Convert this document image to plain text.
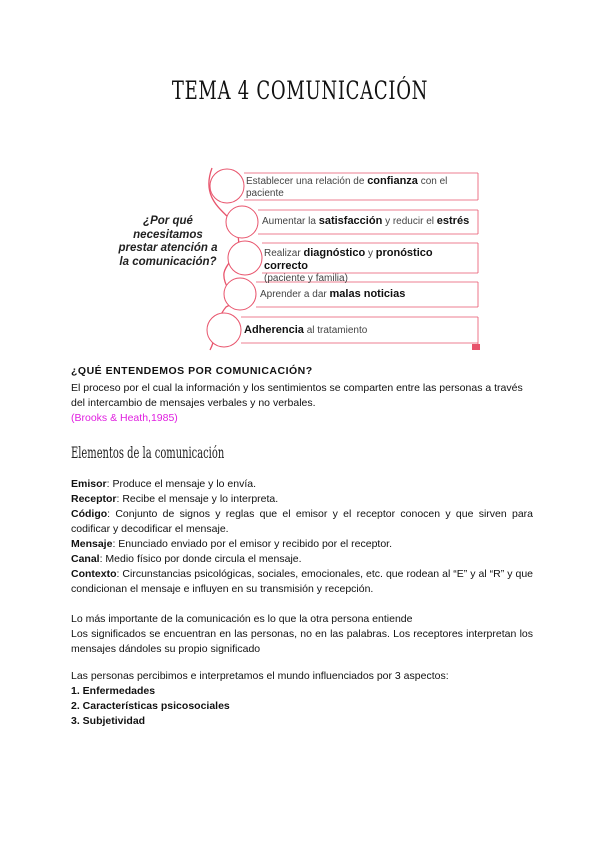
TEMA 4 COMUNICACIÓN
Establecer una relación de confianza con el paciente
Aumentar la satisfacción y reducir el estrés
Realizar diagnóstico y pronóstico correcto
(paciente y familia)
Aprender a dar malas noticias
Adherencia al tratamiento
¿Por qué necesitamos prestar atención a la comunicación?
¿QUÉ ENTENDEMOS POR COMUNICACIÓN?
El proceso por el cual la información y los sentimientos se comparten entre las personas a través del intercambio de mensajes verbales y no verbales.
(Brooks & Heath,1985)
Elementos de la comunicación
Emisor: Produce el mensaje y lo envía.
Receptor: Recibe el mensaje y lo interpreta.
Código: Conjunto de signos y reglas que el emisor y el receptor conocen y que sirven para codificar y decodificar el mensaje.
Mensaje: Enunciado enviado por el emisor y recibido por el receptor.
Canal: Medio físico por donde circula el mensaje.
Contexto: Circunstancias psicológicas, sociales, emocionales, etc. que rodean al “E” y al “R” y que condicionan el mensaje e influyen en su transmisión y recepción.
Lo más importante de la comunicación es lo que la otra persona entiende
Los significados se encuentran en las personas, no en las palabras. Los receptores interpretan los mensajes dándoles su propio significado
Las personas percibimos e interpretamos el mundo influenciados por 3 aspectos:
1. Enfermedades
2. Características psicosociales
3. Subjetividad
